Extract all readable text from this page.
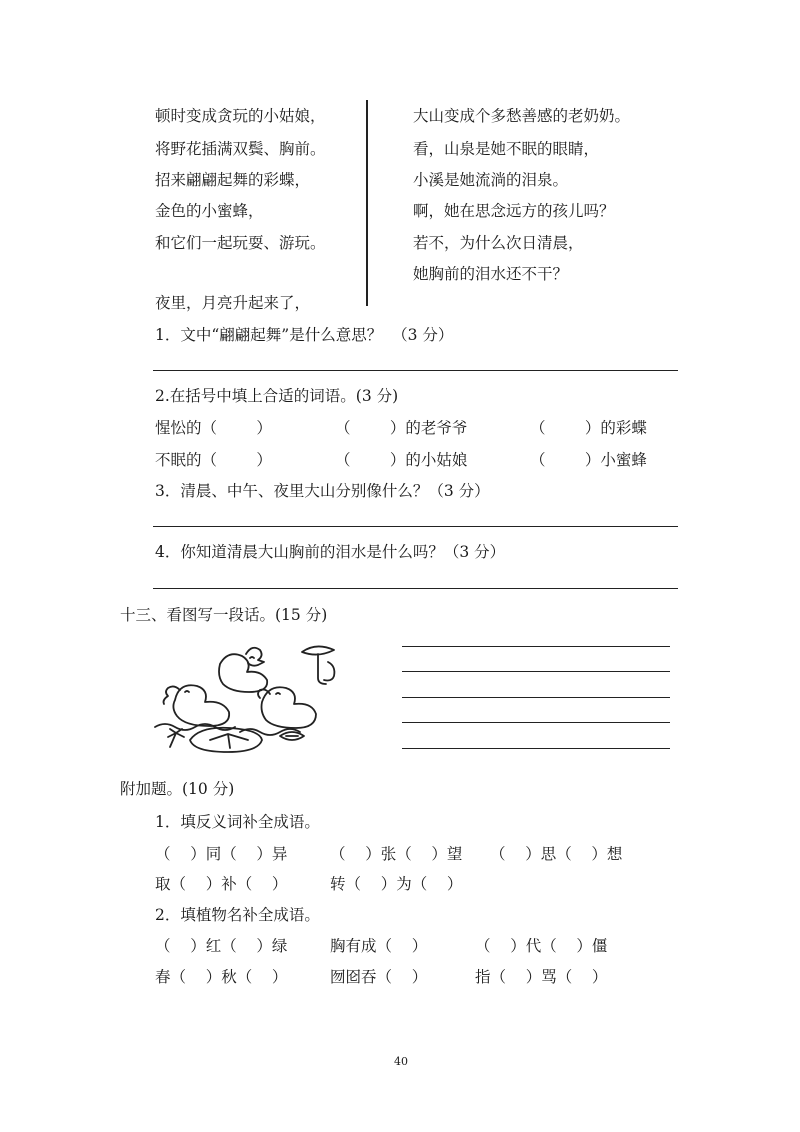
顿时变成贪玩的小姑娘，
将野花插满双鬓、胸前。
招来翩翩起舞的彩蝶，
金色的小蜜蜂，
和它们一起玩耍、游玩。
夜里，月亮升起来了，
大山变成个多愁善感的老奶奶。
看，山泉是她不眠的眼睛，
小溪是她流淌的泪泉。
啊，她在思念远方的孩儿吗？
若不，为什么次日清晨，
她胸前的泪水还不干？
1．文中“翩翩起舞”是什么意思？  （3 分）
2.在括号中填上合适的词语。(3 分)
惺忪的（        ）	（        ）的老爷爷	（        ）的彩蝶
不眠的（        ）	（        ）的小姑娘	（        ）小蜜蜂
3．清晨、中午、夜里大山分别像什么？（3 分）
4．你知道清晨大山胸前的泪水是什么吗？（3 分）
十三、看图写一段话。(15 分)
附加题。(10 分)
1．填反义词补全成语。
（    ）同（    ）异	（    ）张（    ）望 （    ）思（    ）想
取（    ）补（    ）	转（    ）为（    ）
2．填植物名补全成语。
（    ）红（    ）绿	胸有成（    ）	（    ）代（    ）僵
春（    ）秋（    ）	囫囵吞（    ）	指（    ）骂（    ）
40
